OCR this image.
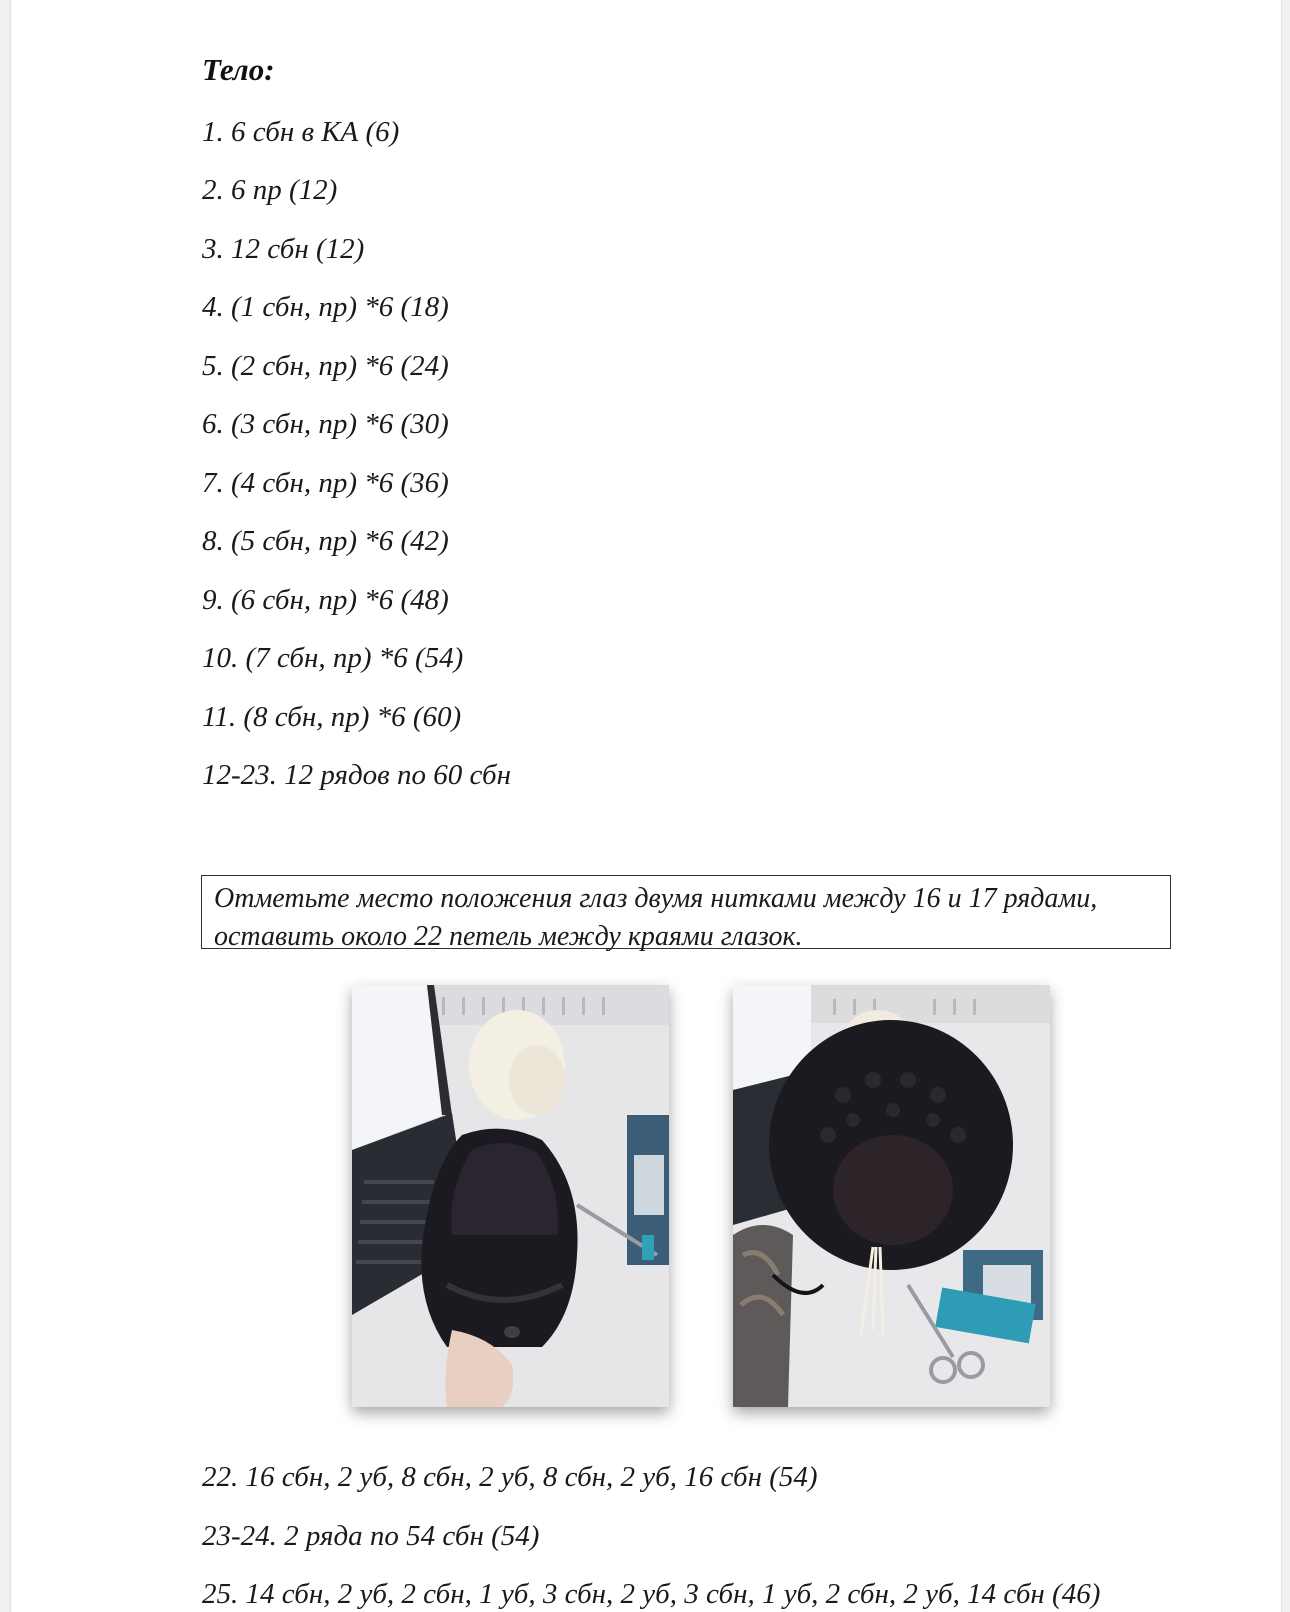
Тело:
1. 6 сбн в КА (6)
2. 6 пр (12)
3. 12 сбн (12)
4. (1 сбн, пр) *6 (18)
5. (2 сбн, пр) *6 (24)
6. (3 сбн, пр) *6 (30)
7. (4 сбн, пр) *6 (36)
8. (5 сбн, пр) *6 (42)
9. (6 сбн, пр) *6 (48)
10. (7 сбн, пр) *6 (54)
11. (8 сбн, пр) *6 (60)
12-23. 12 рядов по 60 сбн
Отметьте место положения глаз двумя нитками между 16 и 17 рядами,
оставить около 22 петель между краями глазок.
22. 16 сбн, 2 уб, 8 сбн, 2 уб, 8 сбн, 2 уб, 16 сбн (54)
23-24. 2 ряда по 54 сбн (54)
25. 14 сбн, 2 уб, 2 сбн, 1 уб, 3 сбн, 2 уб, 3 сбн, 1 уб, 2 сбн, 2 уб, 14 сбн (46)
